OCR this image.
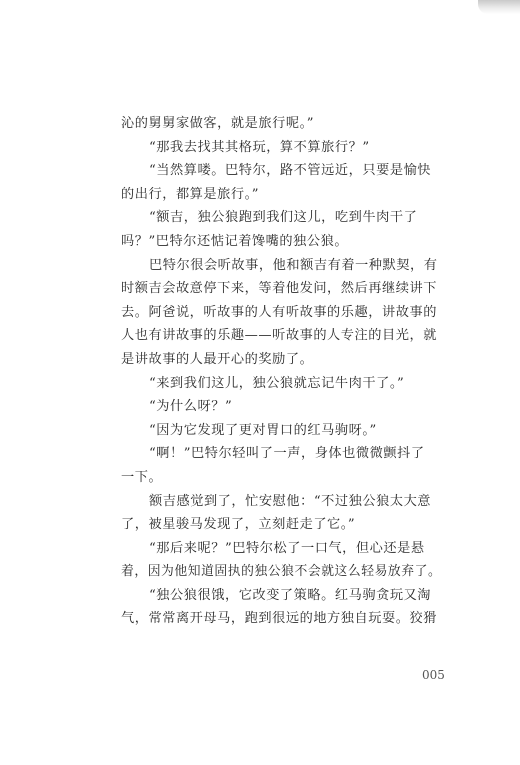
沁的舅舅家做客，就是旅行呢。”
“那我去找其其格玩，算不算旅行？”
“当然算喽。巴特尔，路不管远近，只要是愉快
的出行，都算是旅行。”
“额吉，独公狼跑到我们这儿，吃到牛肉干了
吗？”巴特尔还惦记着馋嘴的独公狼。
巴特尔很会听故事，他和额吉有着一种默契，有
时额吉会故意停下来，等着他发问，然后再继续讲下
去。阿爸说，听故事的人有听故事的乐趣，讲故事的
人也有讲故事的乐趣——听故事的人专注的目光，就
是讲故事的人最开心的奖励了。
“来到我们这儿，独公狼就忘记牛肉干了。”
“为什么呀？”
“因为它发现了更对胃口的红马驹呀。”
“啊！”巴特尔轻叫了一声，身体也微微颤抖了
一下。
额吉感觉到了，忙安慰他：“不过独公狼太大意
了，被星骏马发现了，立刻赶走了它。”
“那后来呢？”巴特尔松了一口气，但心还是悬
着，因为他知道固执的独公狼不会就这么轻易放弃了。
“独公狼很饿，它改变了策略。红马驹贪玩又淘
气，常常离开母马，跑到很远的地方独自玩耍。狡猾
005
